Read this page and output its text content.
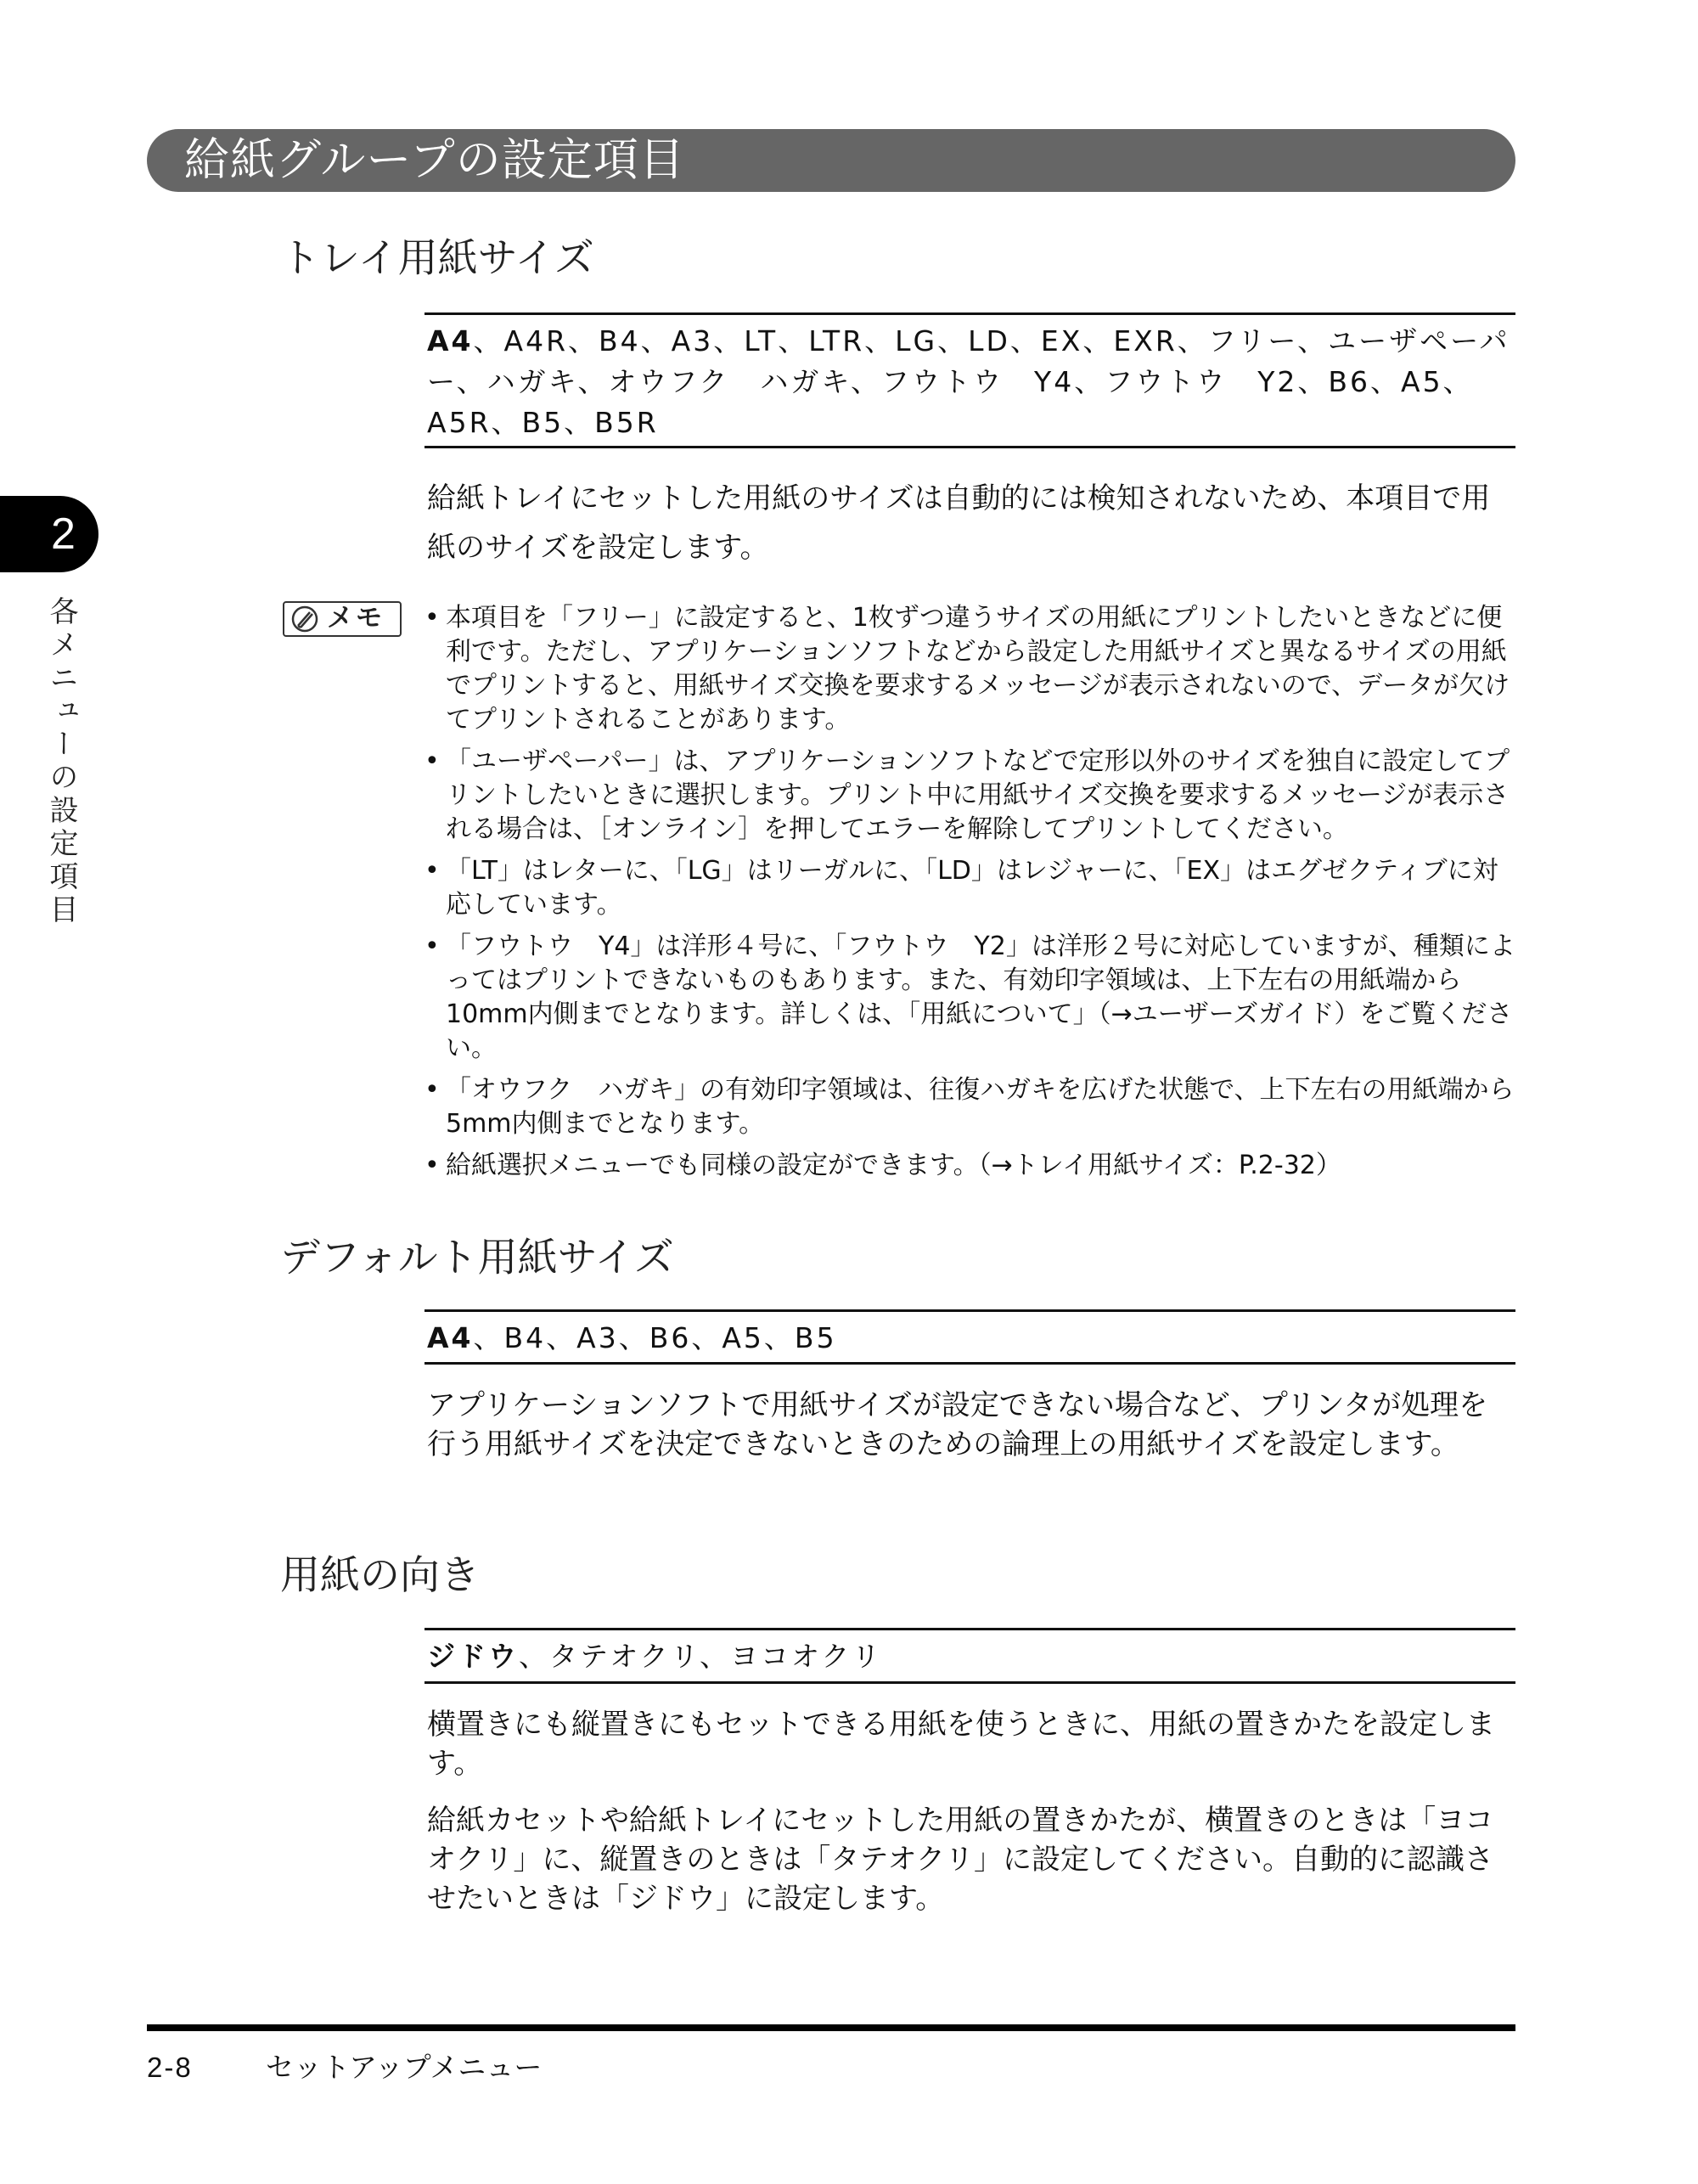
給紙グループの設定項目
2
各メニューの設定項目
トレイ用紙サイズ
A4、A4R、B4、A3、LT、LTR、LG、LD、EX、EXR、フリー、ユーザペーパー、ハガキ、オウフク　ハガキ、フウトウ　Y4、フウトウ　Y2、B6、A5、A5R、B5、B5R
給紙トレイにセットした用紙のサイズは自動的には検知されないため、本項目で用紙のサイズを設定します。
メモ
•	本項目を「フリー」に設定すると、1枚ずつ違うサイズの用紙にプリントしたいときなどに便利です。ただし、アプリケーションソフトなどから設定した用紙サイズと異なるサイズの用紙でプリントすると、用紙サイズ交換を要求するメッセージが表示されないので、データが欠けてプリントされることがあります。
• 「ユーザペーパー」は、アプリケーションソフトなどで定形以外のサイズを独自に設定してプリントしたいときに選択します。プリント中に用紙サイズ交換を要求するメッセージが表示される場合は、［オンライン］を押してエラーを解除してプリントしてください。
• 「LT」はレターに、「LG」はリーガルに、「LD」はレジャーに、「EX」はエグゼクティブに対応しています。
• 「フウトウ　Y4」は洋形４号に、「フウトウ　Y2」は洋形２号に対応していますが、種類によってはプリントできないものもあります。また、有効印字領域は、上下左右の用紙端から10mm内側までとなります。詳しくは、「用紙について」（→ユーザーズガイド）をご覧ください。
• 「オウフク　ハガキ」の有効印字領域は、往復ハガキを広げた状態で、上下左右の用紙端から5mm内側までとなります。
• 給紙選択メニューでも同様の設定ができます。（→トレイ用紙サイズ：P.2-32）
デフォルト用紙サイズ
A4、B4、A3、B6、A5、B5
アプリケーションソフトで用紙サイズが設定できない場合など、プリンタが処理を行う用紙サイズを決定できないときのための論理上の用紙サイズを設定します。
用紙の向き
ジドウ、タテオクリ、ヨコオクリ
横置きにも縦置きにもセットできる用紙を使うときに、用紙の置きかたを設定します。
給紙カセットや給紙トレイにセットした用紙の置きかたが、横置きのときは「ヨコオクリ」に、縦置きのときは「タテオクリ」に設定してください。自動的に認識させたいときは「ジドウ」に設定します。
2-8	セットアップメニュー
